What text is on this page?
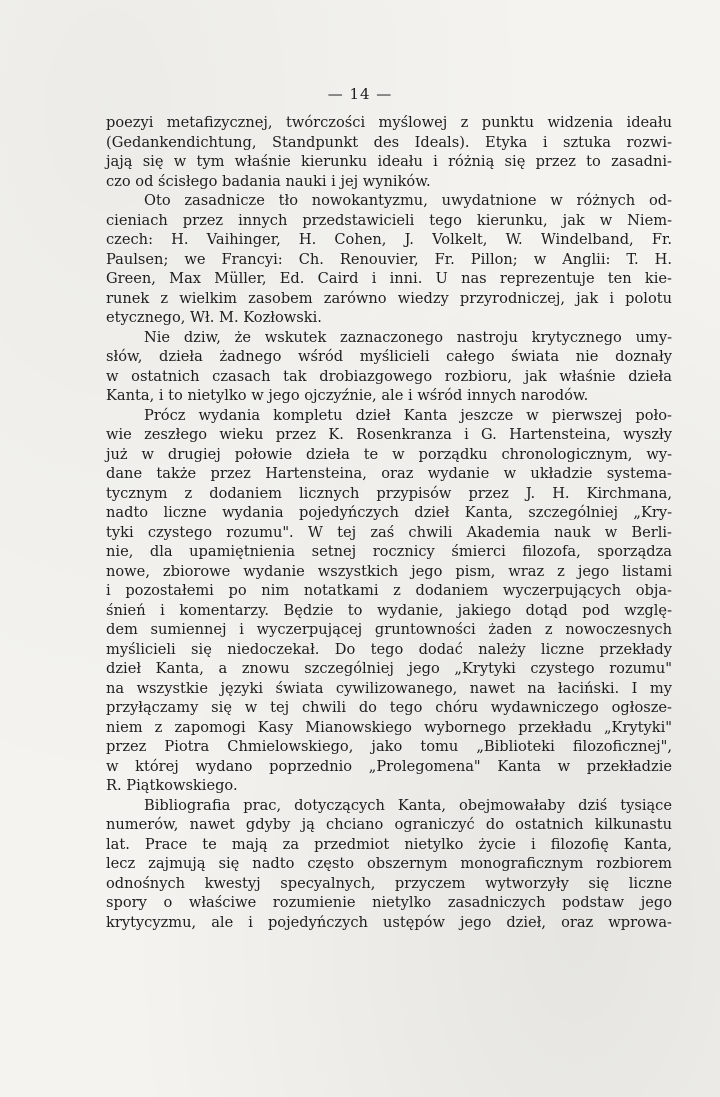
— 14 —
poezyi metafizycznej, twórczości myślowej z punktu widzenia ideału
(Gedankendichtung, Standpunkt des Ideals). Etyka i sztuka rozwi-
jają się w tym właśnie kierunku ideału i różnią się przez to zasadni-
czo od ścisłego badania nauki i jej wyników.
Oto zasadnicze tło nowokantyzmu, uwydatnione w różnych od-
cieniach przez innych przedstawicieli tego kierunku, jak w Niem-
czech: H. Vaihinger, H. Cohen, J. Volkelt, W. Windelband, Fr.
Paulsen; we Francyi: Ch. Renouvier, Fr. Pillon; w Anglii: T. H.
Green, Max Müller, Ed. Caird i inni. U nas reprezentuje ten kie-
runek z wielkim zasobem zarówno wiedzy przyrodniczej, jak i polotu
etycznego, Wł. M. Kozłowski.
Nie dziw, że wskutek zaznaczonego nastroju krytycznego umy-
słów, dzieła żadnego wśród myślicieli całego świata nie doznały
w ostatnich czasach tak drobiazgowego rozbioru, jak właśnie dzieła
Kanta, i to nietylko w jego ojczyźnie, ale i wśród innych narodów.
Prócz wydania kompletu dzieł Kanta jeszcze w pierwszej poło-
wie zeszłego wieku przez K. Rosenkranza i G. Hartensteina, wyszły
już w drugiej połowie dzieła te w porządku chronologicznym, wy-
dane także przez Hartensteina, oraz wydanie w układzie systema-
tycznym z dodaniem licznych przypisów przez J. H. Kirchmana,
nadto liczne wydania pojedyńczych dzieł Kanta, szczególniej „Kry-
tyki czystego rozumu". W tej zaś chwili Akademia nauk w Berli-
nie, dla upamiętnienia setnej rocznicy śmierci filozofa, sporządza
nowe, zbiorowe wydanie wszystkich jego pism, wraz z jego listami
i pozostałemi po nim notatkami z dodaniem wyczerpujących obja-
śnień i komentarzy. Będzie to wydanie, jakiego dotąd pod wzglę-
dem sumiennej i wyczerpującej gruntowności żaden z nowoczesnych
myślicieli się niedoczekał. Do tego dodać należy liczne przekłady
dzieł Kanta, a znowu szczególniej jego „Krytyki czystego rozumu"
na wszystkie języki świata cywilizowanego, nawet na łaciński. I my
przyłączamy się w tej chwili do tego chóru wydawniczego ogłosze-
niem z zapomogi Kasy Mianowskiego wybornego przekładu „Krytyki"
przez Piotra Chmielowskiego, jako tomu „Biblioteki filozoficznej",
w której wydano poprzednio „Prolegomena" Kanta w przekładzie
R. Piątkowskiego.
Bibliografia prac, dotyczących Kanta, obejmowałaby dziś tysiące
numerów, nawet gdyby ją chciano ograniczyć do ostatnich kilkunastu
lat. Prace te mają za przedmiot nietylko życie i filozofię Kanta,
lecz zajmują się nadto często obszernym monograficznym rozbiorem
odnośnych kwestyj specyalnych, przyczem wytworzyły się liczne
spory o właściwe rozumienie nietylko zasadniczych podstaw jego
krytycyzmu, ale i pojedyńczych ustępów jego dzieł, oraz wprowa-
